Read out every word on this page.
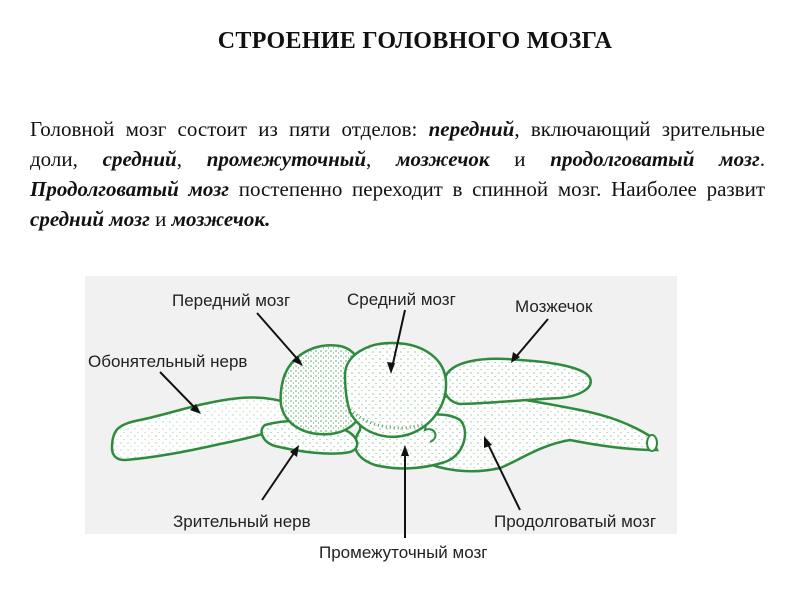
СТРОЕНИЕ ГОЛОВНОГО МОЗГА
Головной мозг состоит из пяти отделов: передний, включающий зрительные доли, средний, промежуточный, мозжечок и продолговатый мозг. Продолговатый мозг постепенно переходит в спинной мозг. Наиболее развит средний мозг и мозжечок.
Передний мозг	Средний мозг	Мозжечок
Обонятельный нерв
Зрительный нерв	Продолговатый мозг
Промежуточный мозг
